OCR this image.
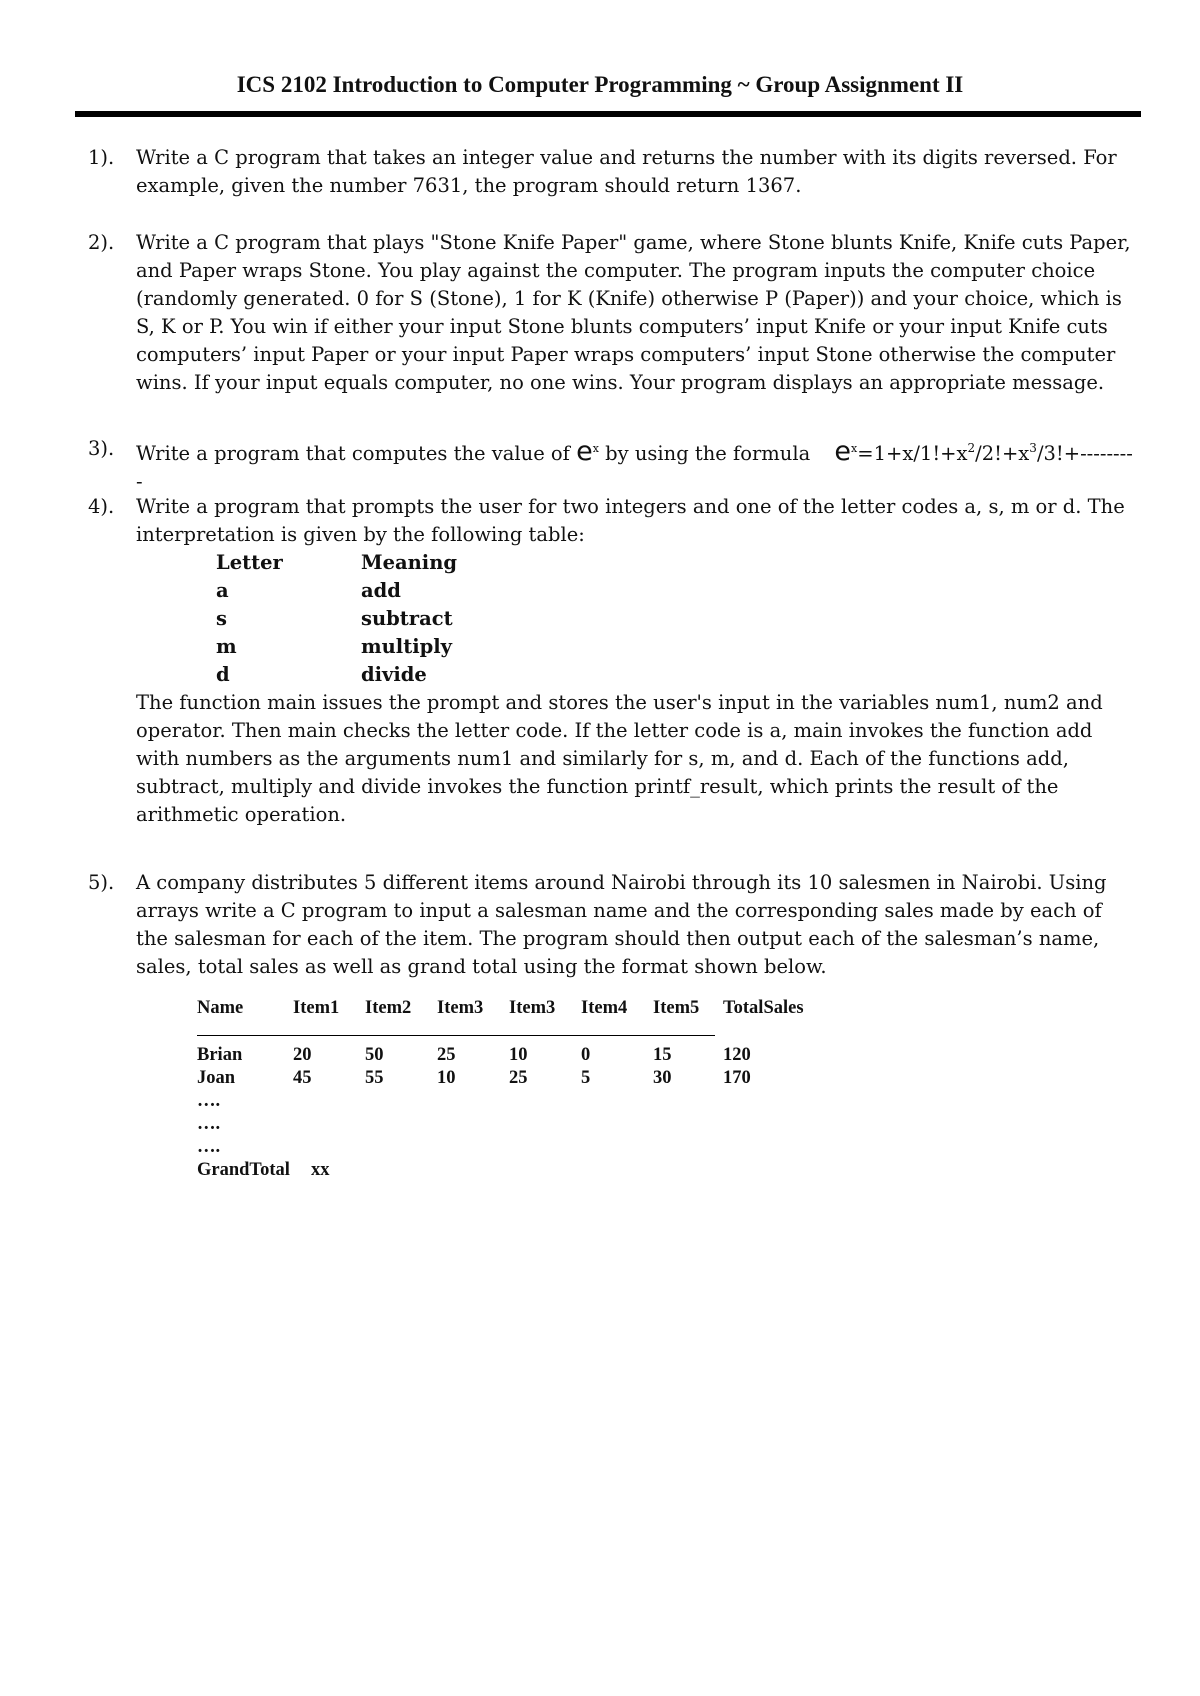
ICS 2102 Introduction to Computer Programming ~ Group Assignment II
1). Write a C program that takes an integer value and returns the number with its digits reversed. For example, given the number 7631, the program should return 1367.

2). Write a C program that plays "Stone Knife Paper" game, where Stone blunts Knife, Knife cuts Paper, and Paper wraps Stone. You play against the computer. The program inputs the computer choice (randomly generated. 0 for S (Stone), 1 for K (Knife) otherwise P (Paper)) and your choice, which is S, K or P. You win if either your input Stone blunts computers’ input Knife or your input Knife cuts computers’ input Paper or your input Paper wraps computers’ input Stone otherwise the computer wins. If your input equals computer, no one wins. Your program displays an appropriate message.

3). Write a program that computes the value of $e^x$ by using the formula $e^x=1+x/1!+x^2/2!+x^3/3!+---------$

4). Write a program that prompts the user for two integers and one of the letter codes a, s, m or d. The interpretation is given by the following table:

Letter	Meaning
a	add
s	subtract
m	multiply
d	divide

The function main issues the prompt and stores the user's input in the variables num1, num2 and operator. Then main checks the letter code. If the letter code is a, main invokes the function add with numbers as the arguments num1 and similarly for s, m, and d. Each of the functions add, subtract, multiply and divide invokes the function printf_result, which prints the result of the arithmetic operation.

5). A company distributes 5 different items around Nairobi through its 10 salesmen in Nairobi. Using arrays write a C program to input a salesman name and the corresponding sales made by each of the salesman for each of the item. The program should then output each of the salesman’s name, sales, total sales as well as grand total using the format shown below.

Name	Item1 Item2 Item3 Item3 Item4 Item5 TotalSales
Brian	20	50	25	10	0	15	120
Joan	45	55	10	25	5	30	170
….
….
….
GrandTotal xx
